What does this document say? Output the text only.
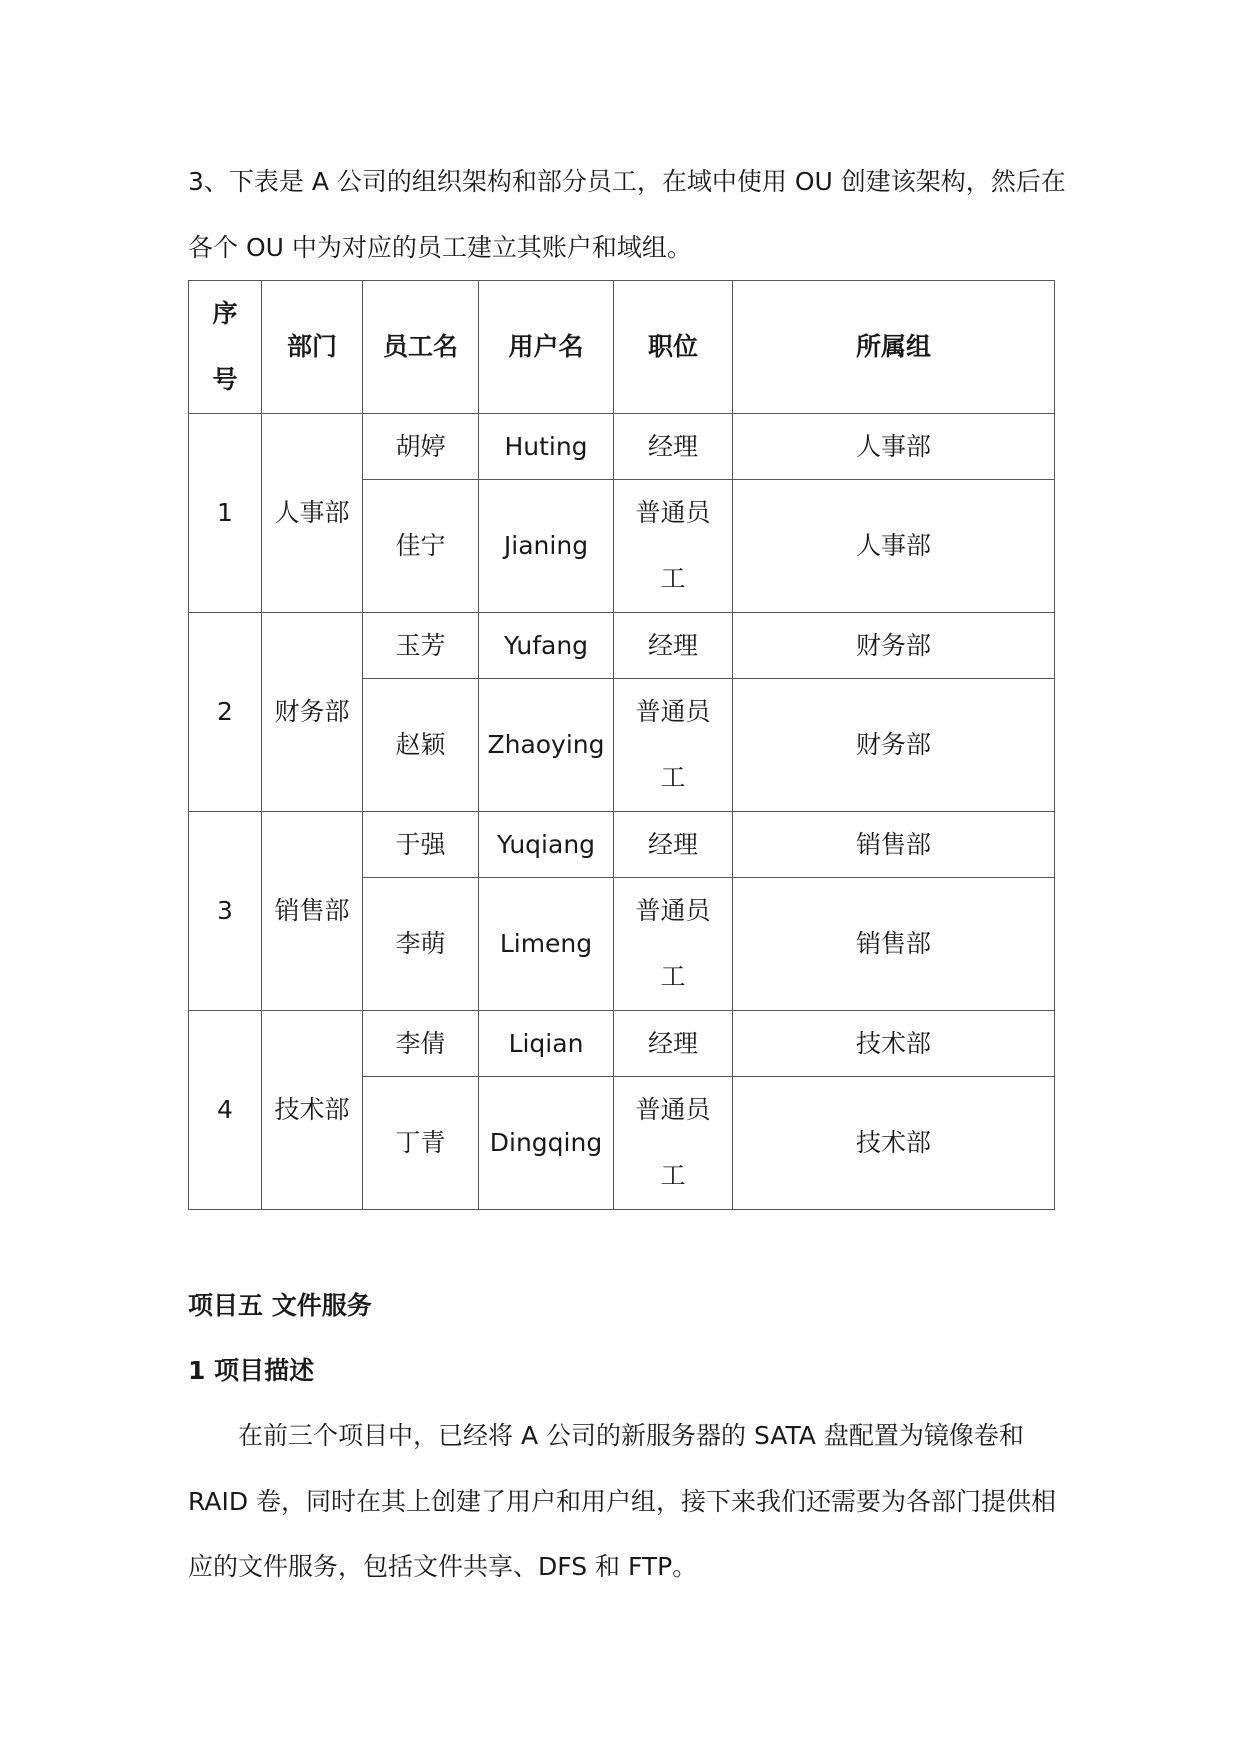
3、下表是 A 公司的组织架构和部分员工，在域中使用 OU 创建该架构，然后在
各个 OU 中为对应的员工建立其账户和域组。
序号	部门	员工名	用户名	职位	所属组
1	人事部	胡婷	Huting	经理	人事部
		佳宁	Jianing	普通员工	人事部
2	财务部	玉芳	Yufang	经理	财务部
		赵颖	Zhaoying	普通员工	财务部
3	销售部	于强	Yuqiang	经理	销售部
		李萌	Limeng	普通员工	销售部
4	技术部	李倩	Liqian	经理	技术部
		丁青	Dingqing	普通员工	技术部
项目五 文件服务
1 项目描述
在前三个项目中，已经将 A 公司的新服务器的 SATA 盘配置为镜像卷和
RAID 卷，同时在其上创建了用户和用户组，接下来我们还需要为各部门提供相
应的文件服务，包括文件共享、DFS 和 FTP。
